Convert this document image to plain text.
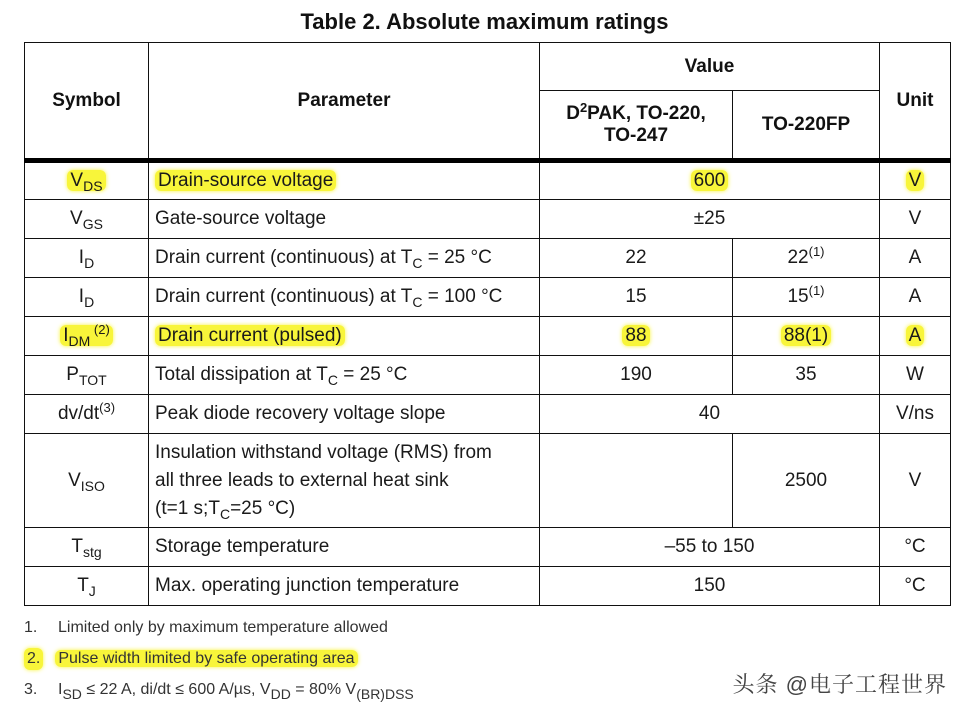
Table 2. Absolute maximum ratings
Symbol	Parameter	Value		Unit
		$D^2PAK$, TO-220,
TO-247	TO-220FP	
$V_{DS}$	Drain-source voltage	600		V
$V_{GS}$	Gate-source voltage	±25		V
$I_D$	Drain current (continuous) at $T_C = 25$ °C	22	22$^{(1)}$	A
$I_D$	Drain current (continuous) at $T_C = 100$ °C	15	15$^{(1)}$	A
$I_{DM}$ $^{(2)}$	Drain current (pulsed)	88	88(1)	A
$P_{TOT}$	Total dissipation at $T_C = 25$ °C	190	35	W
$dv/dt^{(3)}$	Peak diode recovery voltage slope	40		V/ns
$V_{ISO}$	Insulation withstand voltage (RMS) from
all three leads to external heat sink
(t=1 $s;T_C=25$ °C)		2500	V
$T_{stg}$	Storage temperature	–55 to 150		°C
$T_J$	Max. operating junction temperature	150		°C
1. Limited only by maximum temperature allowed
2. Pulse width limited by safe operating area
3. $I_{SD} \le 22$ A, di/dt ≤ 600 A/µs, $V_{DD} = 80\%$ $V_{(BR)DSS}$	头条 @电子工程世界
